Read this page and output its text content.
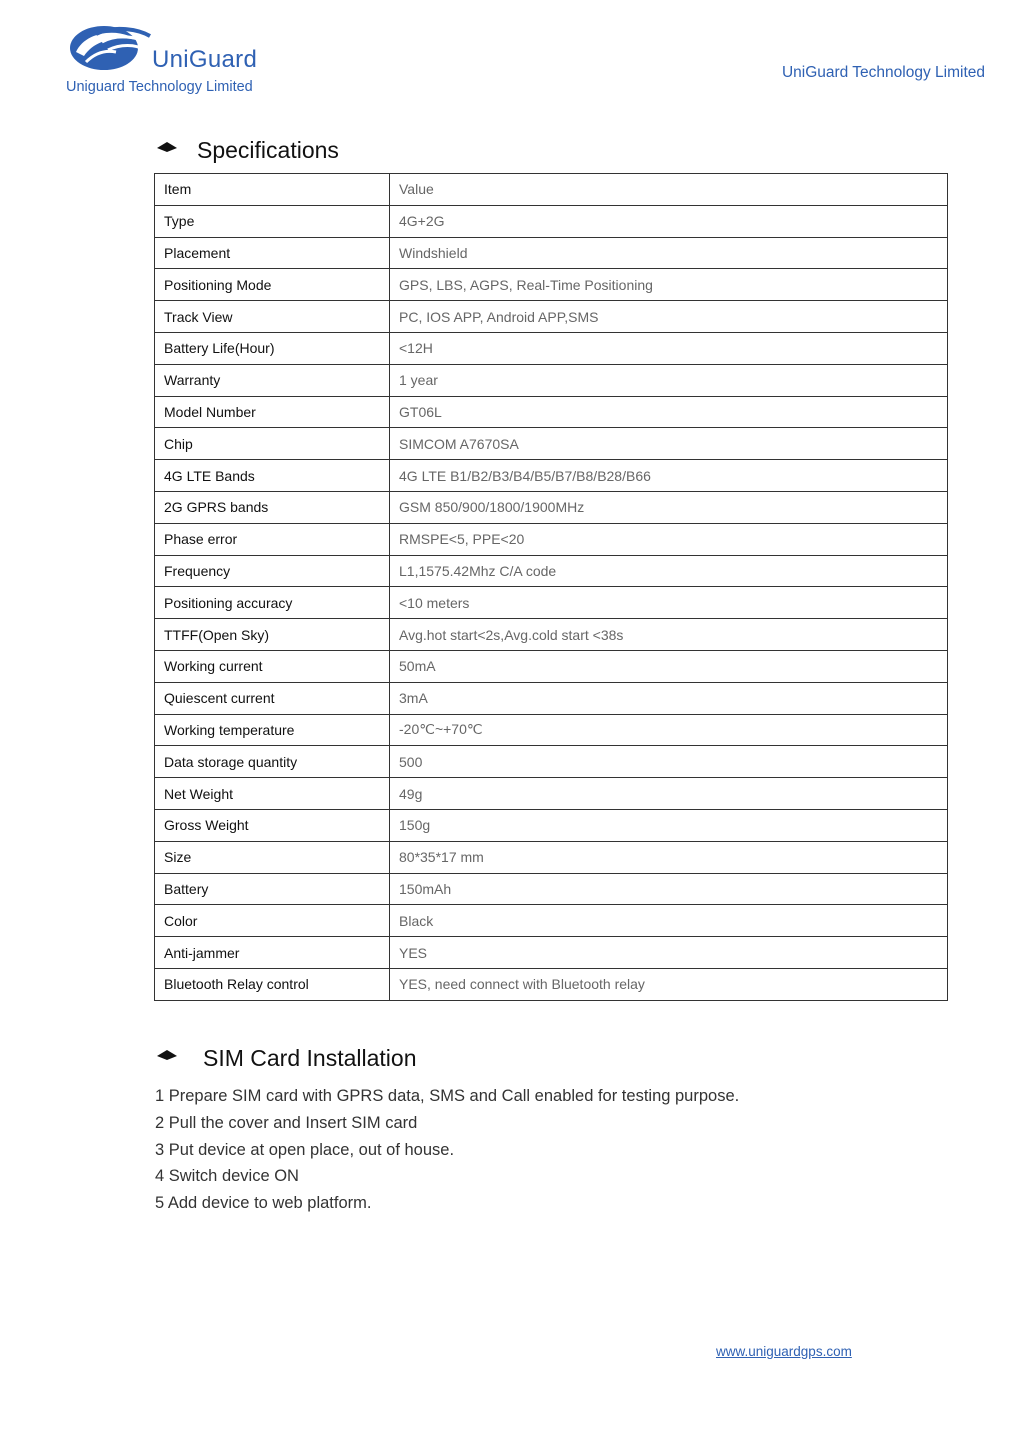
UniGuard
Uniguard Technology Limited
UniGuard Technology Limited
Specifications
Item	Value
Type	4G+2G
Placement	Windshield
Positioning Mode	GPS, LBS, AGPS, Real-Time Positioning
Track View	PC, IOS APP, Android APP,SMS
Battery Life(Hour)	<12H
Warranty	1 year
Model Number	GT06L
Chip	SIMCOM A7670SA
4G LTE Bands	4G LTE B1/B2/B3/B4/B5/B7/B8/B28/B66
2G GPRS bands	GSM 850/900/1800/1900MHz
Phase error	RMSPE<5, PPE<20
Frequency	L1,1575.42Mhz C/A code
Positioning accuracy	<10 meters
TTFF(Open Sky)	Avg.hot start<2s,Avg.cold start <38s
Working current	50mA
Quiescent current	3mA
Working temperature	-20℃~+70℃
Data storage quantity	500
Net Weight	49g
Gross Weight	150g
Size	80*35*17 mm
Battery	150mAh
Color	Black
Anti-jammer	YES
Bluetooth Relay control	YES, need connect with Bluetooth relay
SIM Card Installation
1 Prepare SIM card with GPRS data, SMS and Call enabled for testing purpose.
2 Pull the cover and Insert SIM card
3 Put device at open place, out of house.
4 Switch device ON
5 Add device to web platform.
www.uniguardgps.com
